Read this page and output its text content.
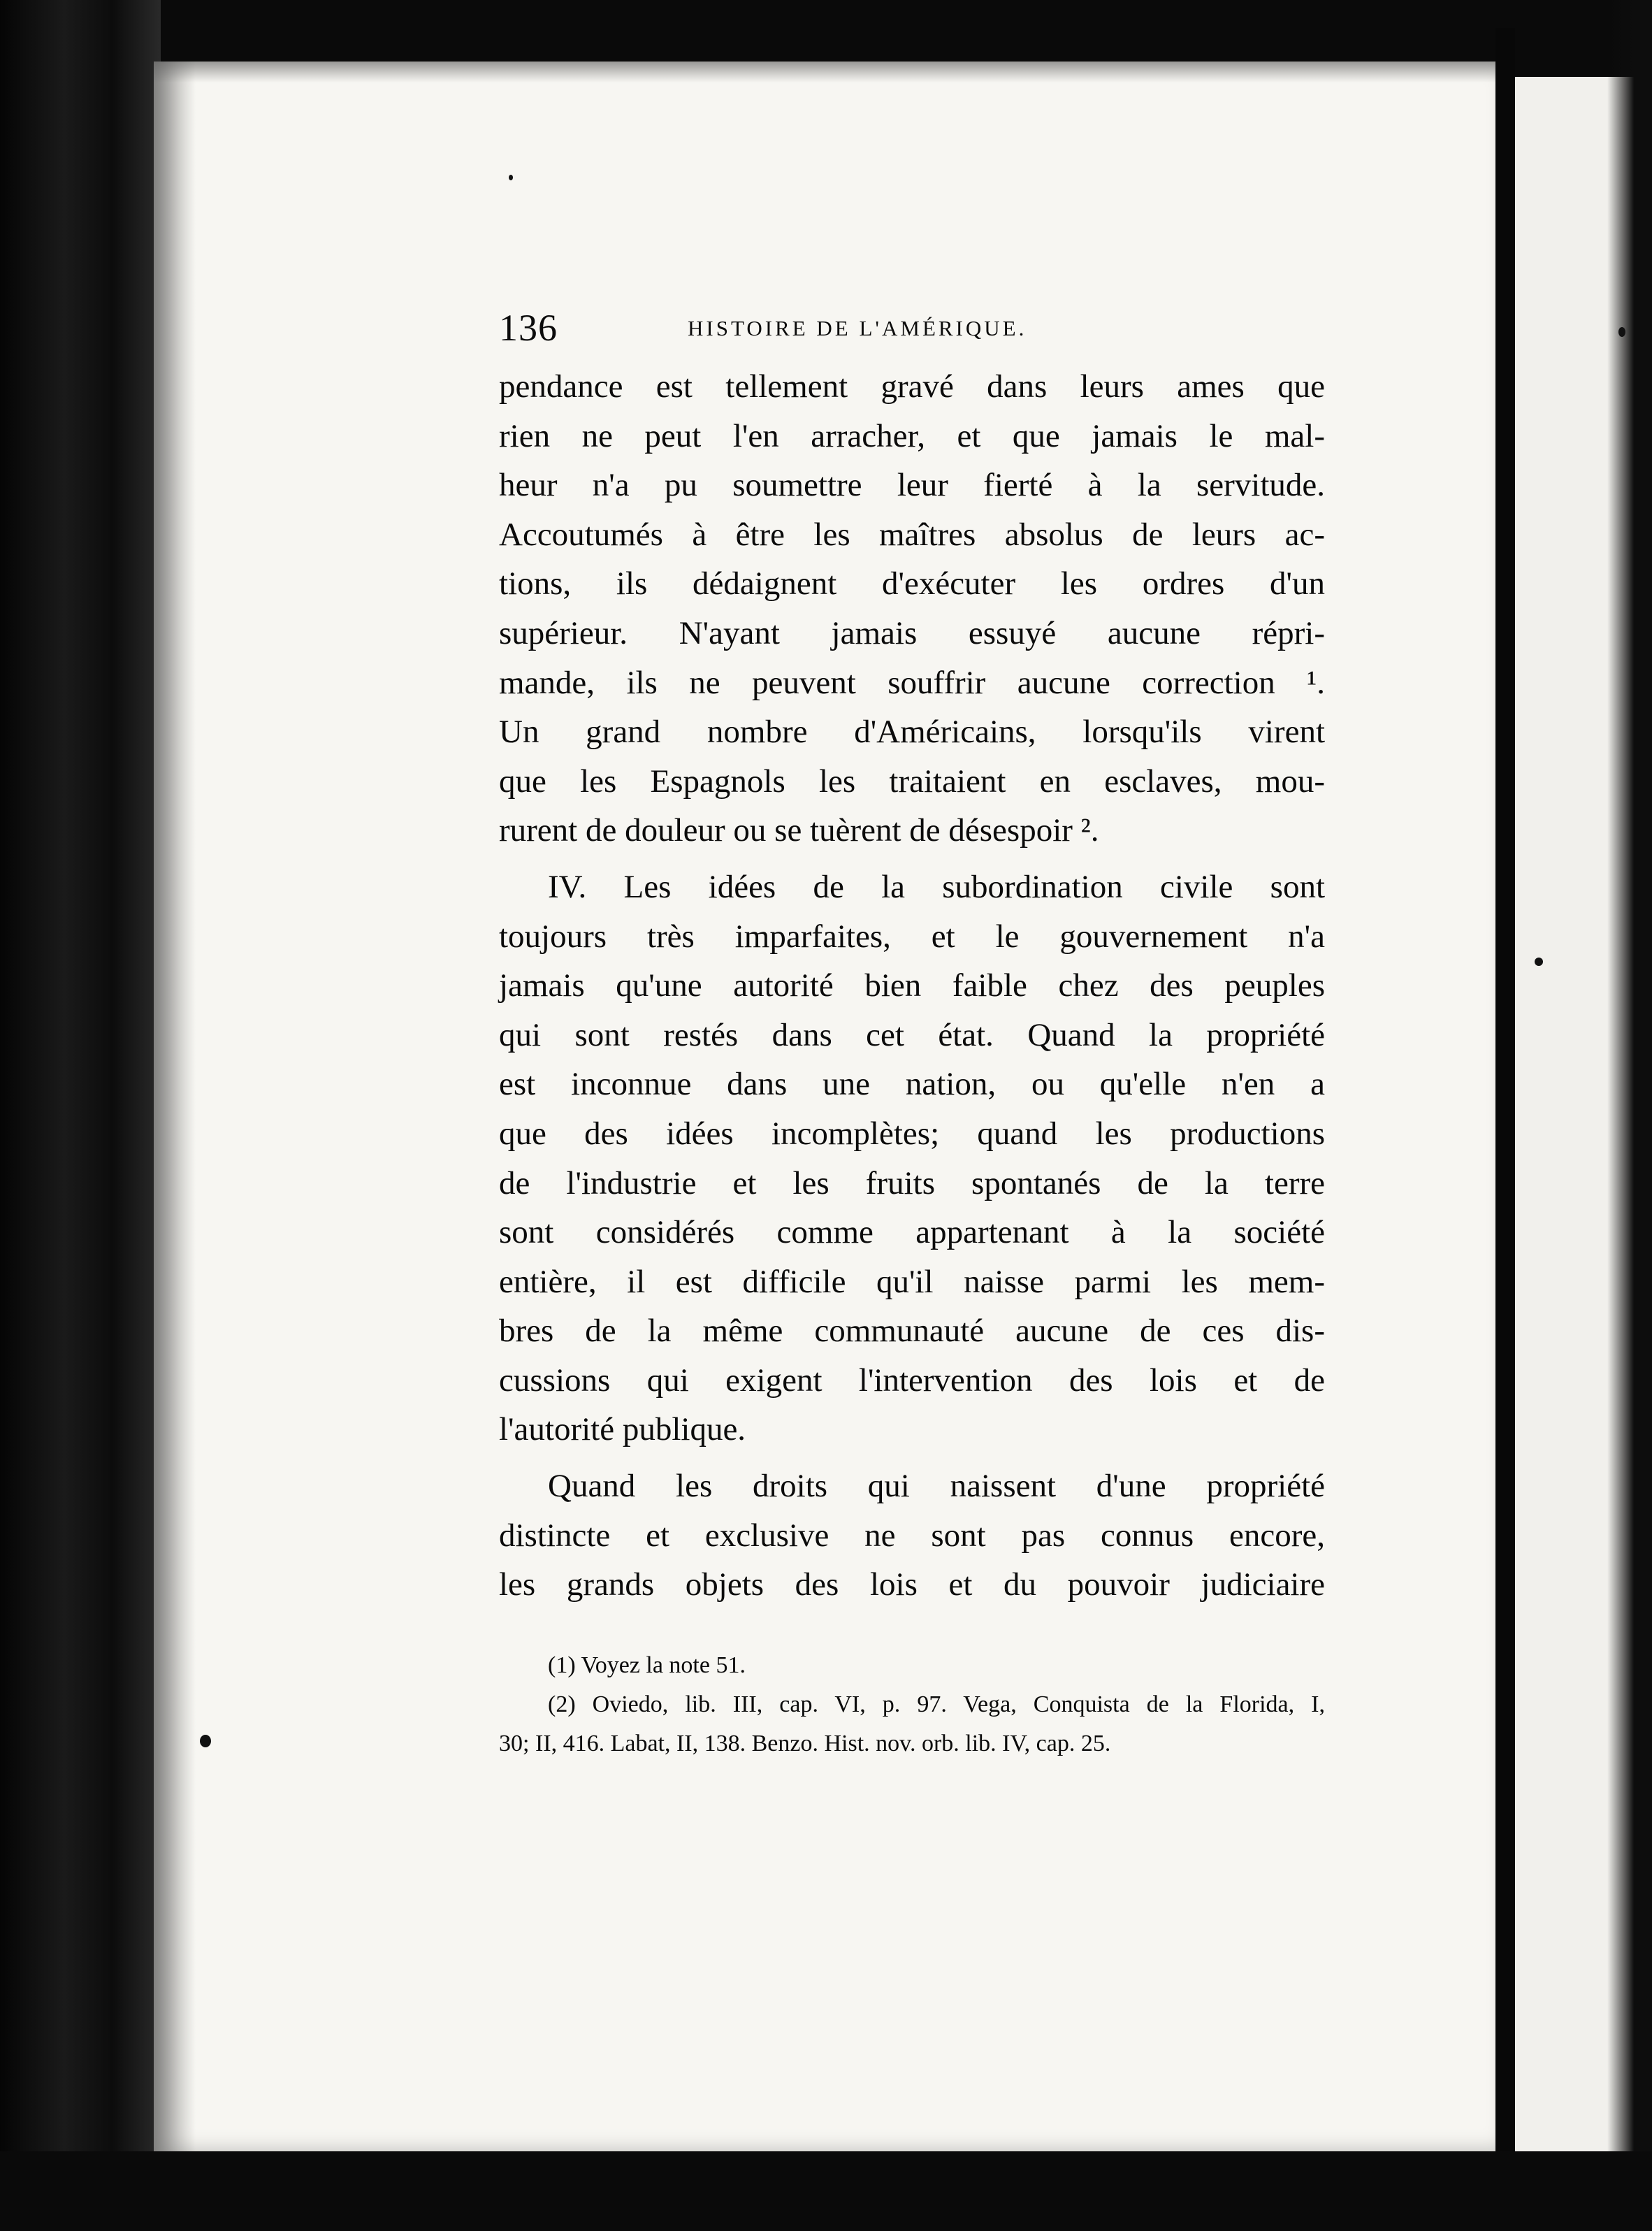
136	HISTOIRE DE L'AMÉRIQUE.
pendance est tellement gravé dans leurs ames que
rien ne peut l'en arracher, et que jamais le mal-
heur n'a pu soumettre leur fierté à la servitude.
Accoutumés à être les maîtres absolus de leurs ac-
tions, ils dédaignent d'exécuter les ordres d'un
supérieur. N'ayant jamais essuyé aucune répri-
mande, ils ne peuvent souffrir aucune correction ¹.
Un grand nombre d'Américains, lorsqu'ils virent
que les Espagnols les traitaient en esclaves, mou-
rurent de douleur ou se tuèrent de désespoir ².
IV. Les idées de la subordination civile sont
toujours très imparfaites, et le gouvernement n'a
jamais qu'une autorité bien faible chez des peuples
qui sont restés dans cet état. Quand la propriété
est inconnue dans une nation, ou qu'elle n'en a
que des idées incomplètes; quand les productions
de l'industrie et les fruits spontanés de la terre
sont considérés comme appartenant à la société
entière, il est difficile qu'il naisse parmi les mem-
bres de la même communauté aucune de ces dis-
cussions qui exigent l'intervention des lois et de
l'autorité publique.
Quand les droits qui naissent d'une propriété
distincte et exclusive ne sont pas connus encore,
les grands objets des lois et du pouvoir judiciaire
(1) Voyez la note 51.
(2) Oviedo, lib. III, cap. VI, p. 97. Vega, Conquista de la Florida, I,
30; II, 416. Labat, II, 138. Benzo. Hist. nov. orb. lib. IV, cap. 25.
